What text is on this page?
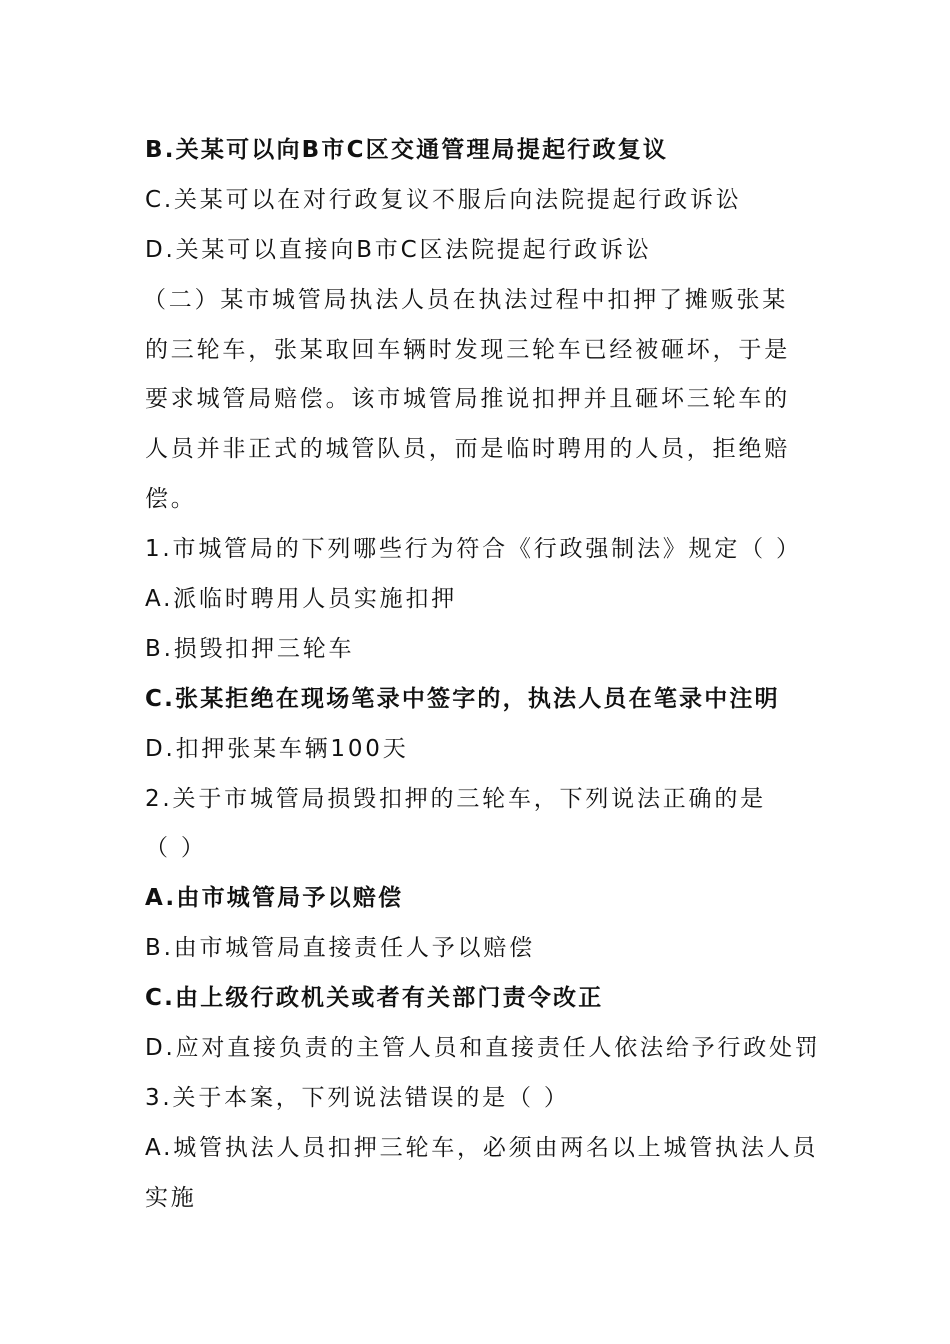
B.关某可以向B市C区交通管理局提起行政复议
C.关某可以在对行政复议不服后向法院提起行政诉讼
D.关某可以直接向B市C区法院提起行政诉讼
（二）某市城管局执法人员在执法过程中扣押了摊贩张某
的三轮车，张某取回车辆时发现三轮车已经被砸坏，于是
要求城管局赔偿。该市城管局推说扣押并且砸坏三轮车的
人员并非正式的城管队员，而是临时聘用的人员，拒绝赔
偿。
1.市城管局的下列哪些行为符合《行政强制法》规定（ ）
A.派临时聘用人员实施扣押
B.损毁扣押三轮车
C.张某拒绝在现场笔录中签字的，执法人员在笔录中注明
D.扣押张某车辆100天
2.关于市城管局损毁扣押的三轮车，下列说法正确的是
（ ）
A.由市城管局予以赔偿
B.由市城管局直接责任人予以赔偿
C.由上级行政机关或者有关部门责令改正
D.应对直接负责的主管人员和直接责任人依法给予行政处罚
3.关于本案，下列说法错误的是（ ）
A.城管执法人员扣押三轮车，必须由两名以上城管执法人员
实施
